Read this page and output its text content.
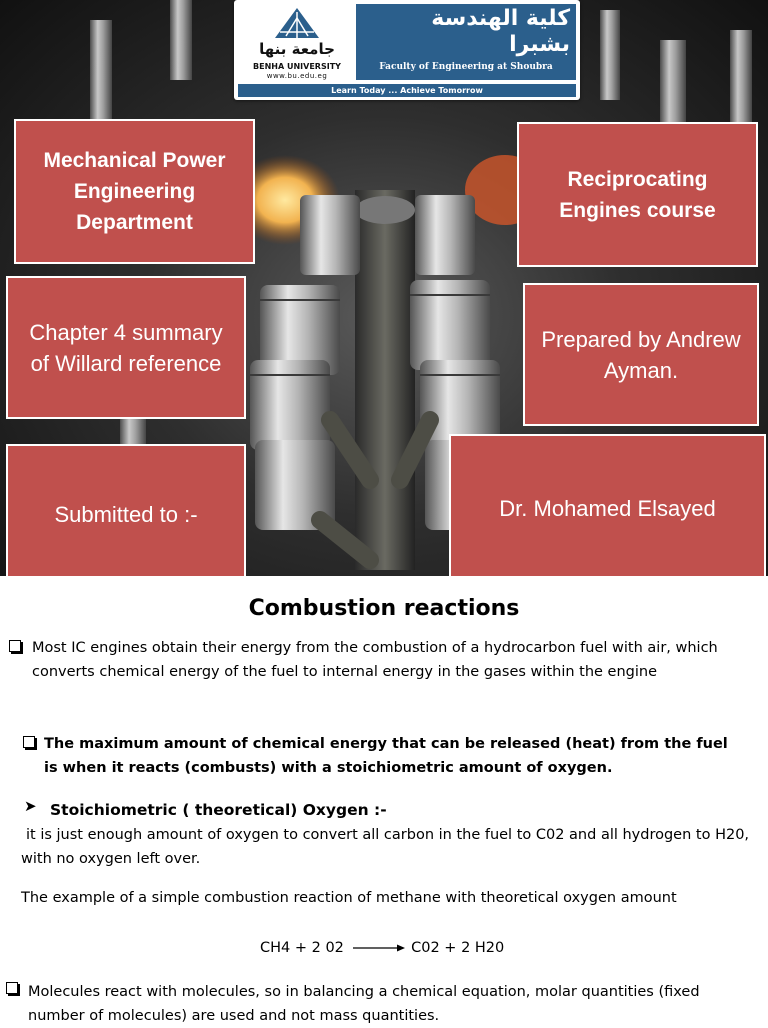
جامعة بنها
BENHA UNIVERSITY
www.bu.edu.eg
كلية الهندسة
بشبرا
Faculty of Engineering at Shoubra
Learn Today ... Achieve Tomorrow
Mechanical Power Engineering Department
Reciprocating Engines course
Chapter 4 summary of Willard reference
Prepared by Andrew Ayman.
Submitted to :-	Dr. Mohamed Elsayed
Combustion reactions
Most IC engines obtain their energy from the combustion of a hydrocarbon fuel with air, which converts chemical energy of the fuel to internal energy in the gases within the engine
The maximum amount of chemical energy that can be released (heat) from the fuel is when it reacts (combusts) with a stoichiometric amount of oxygen.
➤ Stoichiometric ( theoretical) Oxygen :-
it is just enough amount of oxygen to convert all carbon in the fuel to C02 and all hydrogen to H20, with no oxygen left over.
The example of a simple combustion reaction of methane with theoretical oxygen amount
CH4 + 2 02 → C02 + 2 H20
Molecules react with molecules, so in balancing a chemical equation, molar quantities (fixed number of molecules) are used and not mass quantities.
